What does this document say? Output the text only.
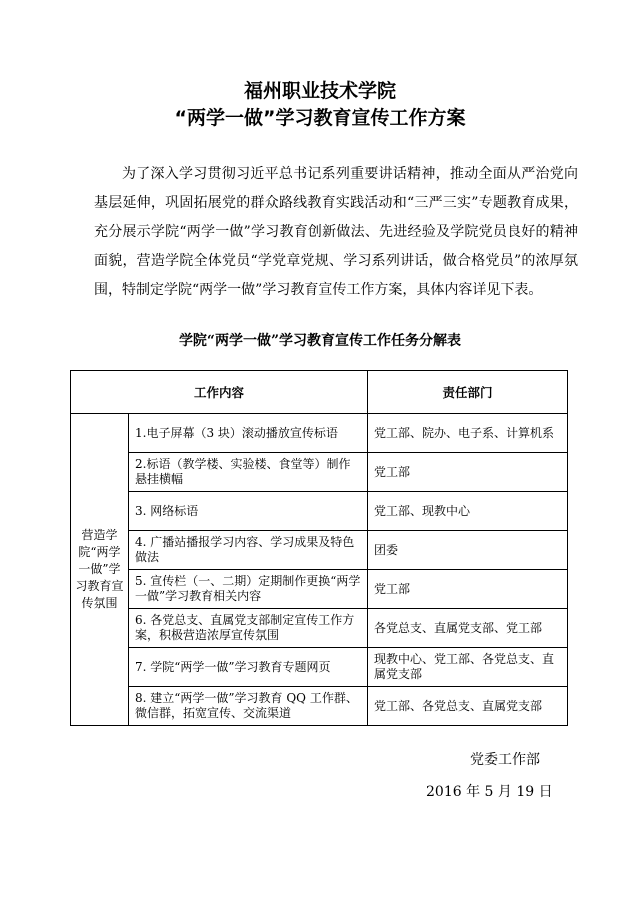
福州职业技术学院
“两学一做”学习教育宣传工作方案

为了深入学习贯彻习近平总书记系列重要讲话精神，推动全面从严治党向基层延伸，巩固拓展党的群众路线教育实践活动和“三严三实”专题教育成果，充分展示学院“两学一做”学习教育创新做法、先进经验及学院党员良好的精神面貌，营造学院全体党员“学党章党规、学习系列讲话，做合格党员”的浓厚氛围，特制定学院“两学一做”学习教育宣传工作方案，具体内容详见下表。

学院“两学一做”学习教育宣传工作任务分解表
工作内容		责任部门
营造学院“两学一做”学习教育宣传氛围	1.电子屏幕（3 块）滚动播放宣传标语	党工部、院办、电子系、计算机系
	2.标语（教学楼、实验楼、食堂等）制作悬挂横幅	党工部
	3. 网络标语	党工部、现教中心
	4. 广播站播报学习内容、学习成果及特色做法	团委
	5. 宣传栏（一、二期）定期制作更换“两学一做”学习教育相关内容	党工部
	6. 各党总支、直属党支部制定宣传工作方案，积极营造浓厚宣传氛围	各党总支、直属党支部、党工部
	7. 学院“两学一做”学习教育专题网页	现教中心、党工部、各党总支、直属党支部
	8. 建立“两学一做”学习教育 QQ 工作群、微信群，拓宽宣传、交流渠道	党工部、各党总支、直属党支部
党委工作部
2016 年 5 月 19 日
